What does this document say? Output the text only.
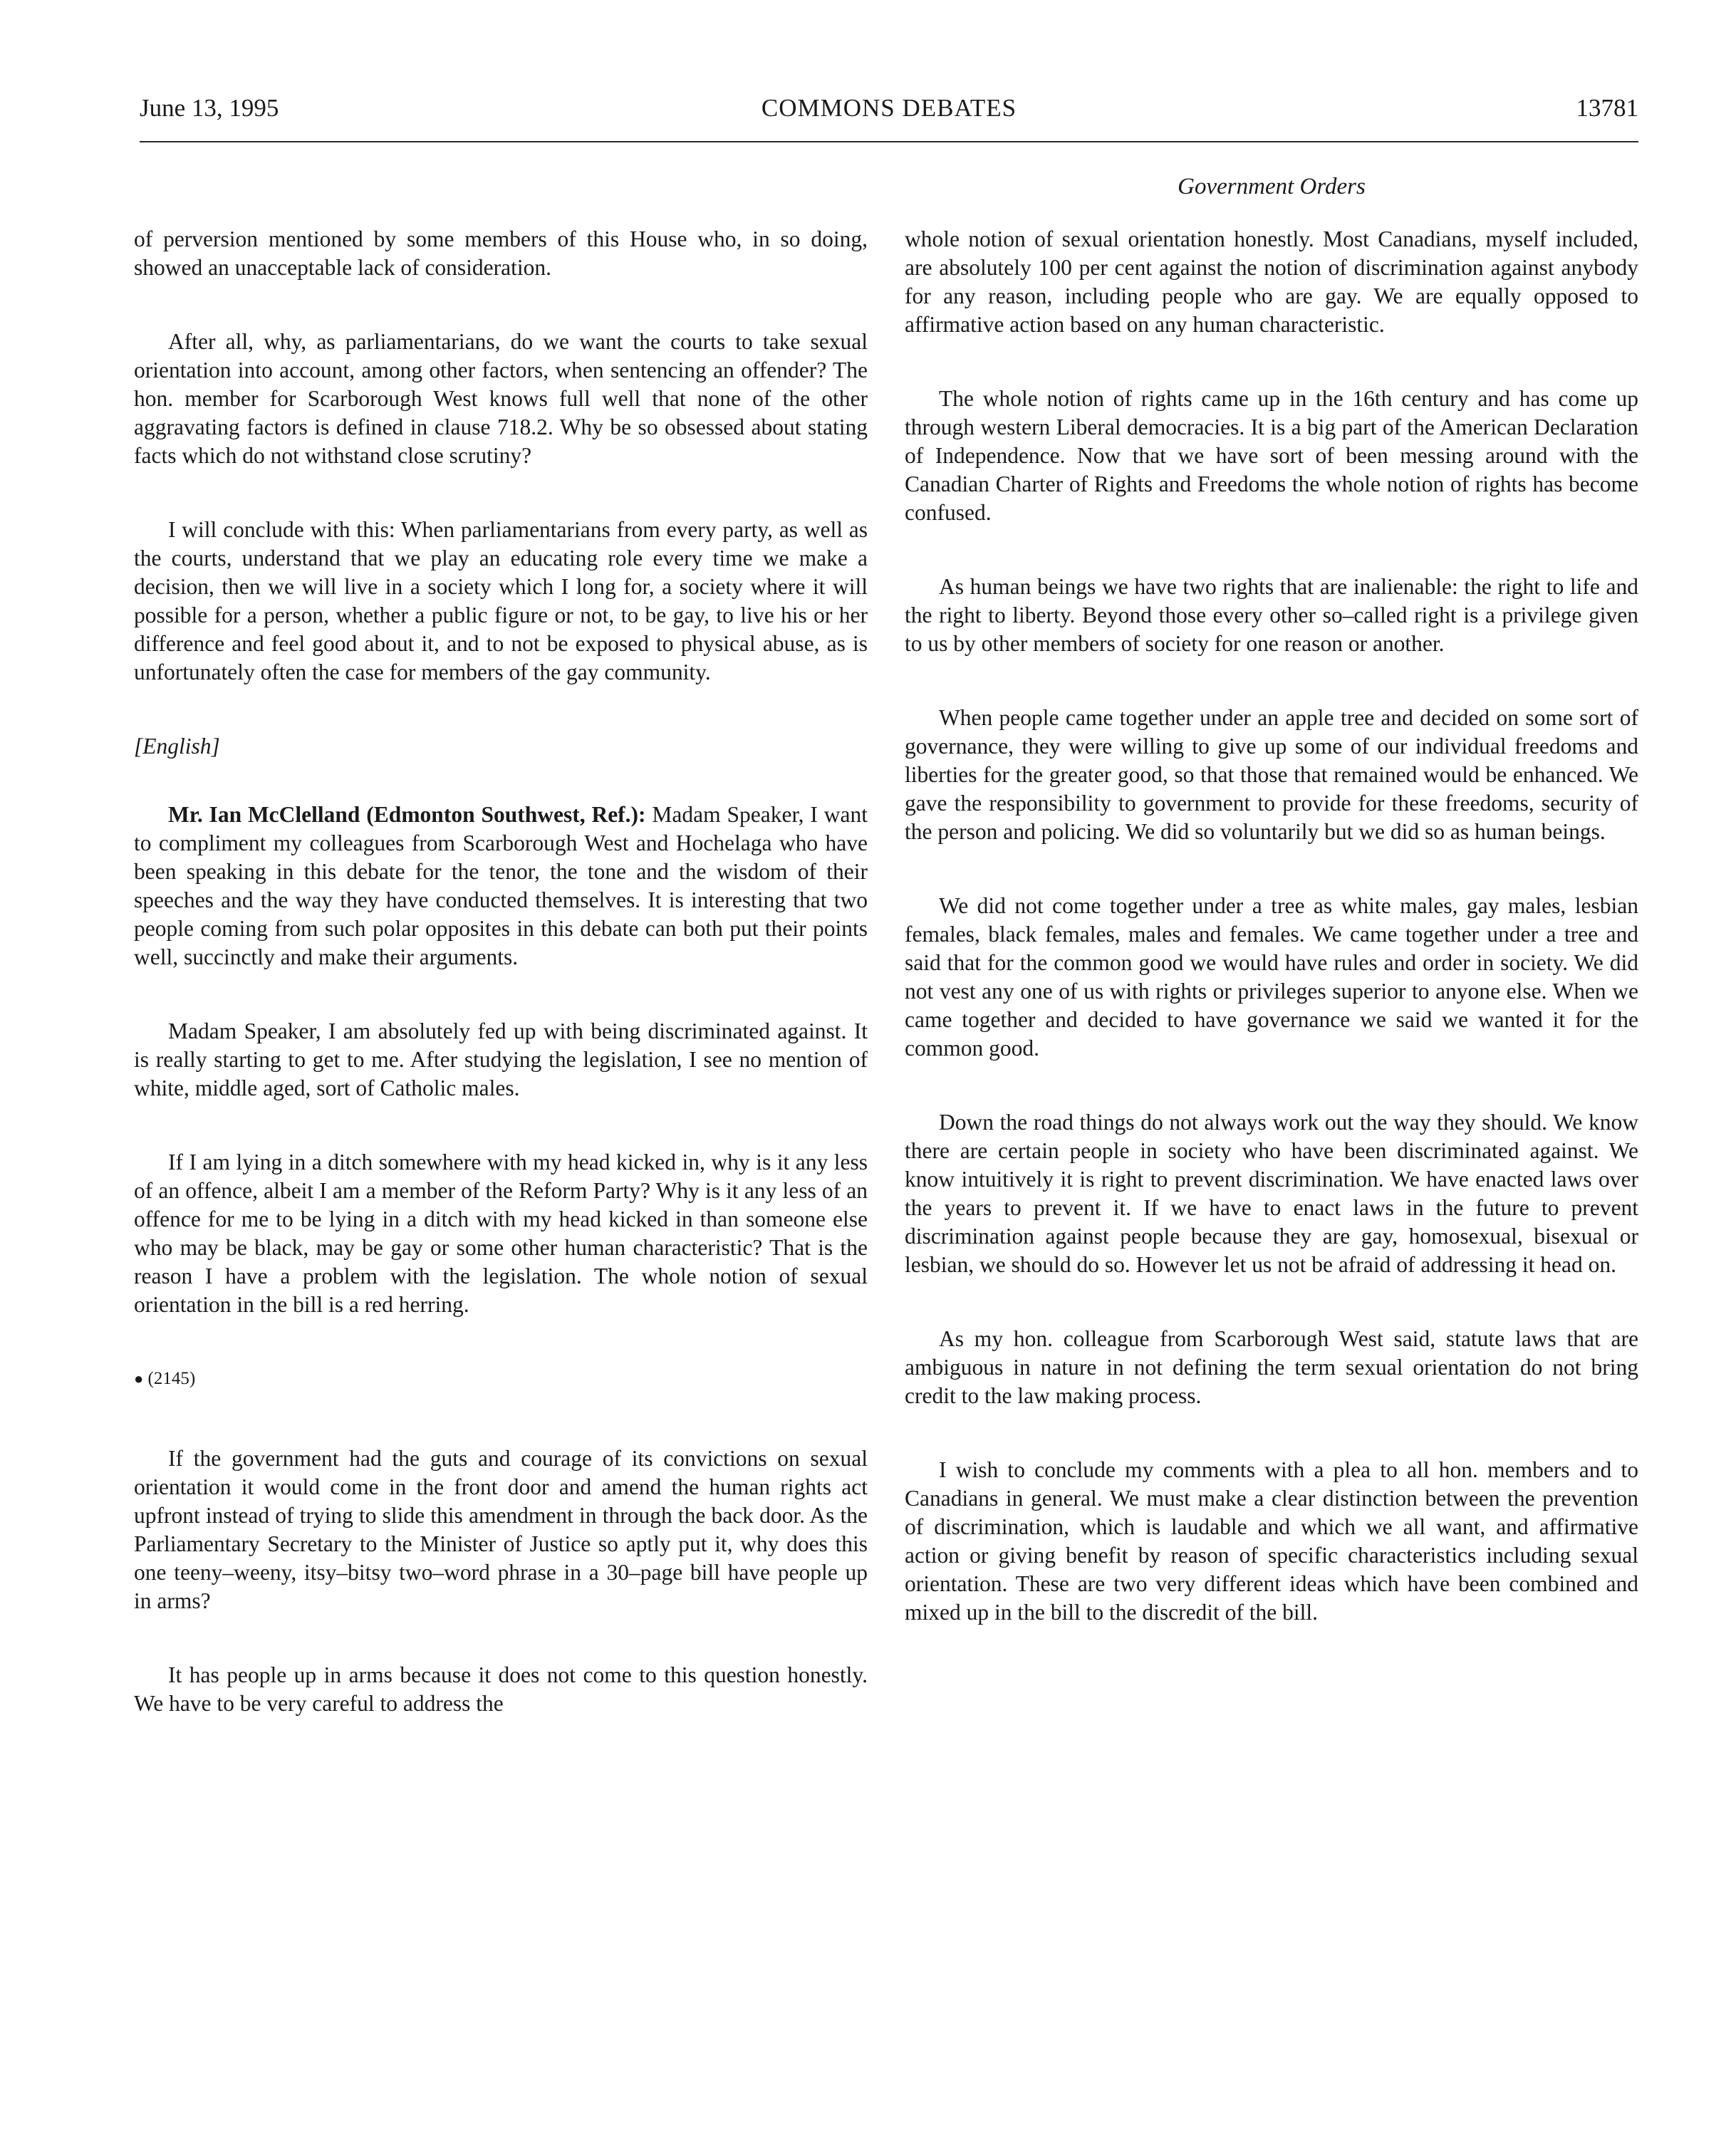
June 13, 1995	COMMONS DEBATES	13781
Government Orders

of perversion mentioned by some members of this House who, in so doing, showed an unacceptable lack of consideration.

After all, why, as parliamentarians, do we want the courts to take sexual orientation into account, among other factors, when sentencing an offender? The hon. member for Scarborough West knows full well that none of the other aggravating factors is defined in clause 718.2. Why be so obsessed about stating facts which do not withstand close scrutiny?

I will conclude with this: When parliamentarians from every party, as well as the courts, understand that we play an educating role every time we make a decision, then we will live in a society which I long for, a society where it will possible for a person, whether a public figure or not, to be gay, to live his or her difference and feel good about it, and to not be exposed to physical abuse, as is unfortunately often the case for members of the gay community.

[English]

Mr. Ian McClelland (Edmonton Southwest, Ref.): Madam Speaker, I want to compliment my colleagues from Scarborough West and Hochelaga who have been speaking in this debate for the tenor, the tone and the wisdom of their speeches and the way they have conducted themselves. It is interesting that two people coming from such polar opposites in this debate can both put their points well, succinctly and make their arguments.

Madam Speaker, I am absolutely fed up with being discriminated against. It is really starting to get to me. After studying the legislation, I see no mention of white, middle aged, sort of Catholic males.

If I am lying in a ditch somewhere with my head kicked in, why is it any less of an offence, albeit I am a member of the Reform Party? Why is it any less of an offence for me to be lying in a ditch with my head kicked in than someone else who may be black, may be gay or some other human characteristic? That is the reason I have a problem with the legislation. The whole notion of sexual orientation in the bill is a red herring.

● (2145)

If the government had the guts and courage of its convictions on sexual orientation it would come in the front door and amend the human rights act upfront instead of trying to slide this amendment in through the back door. As the Parliamentary Secretary to the Minister of Justice so aptly put it, why does this one teeny–weeny, itsy–bitsy two–word phrase in a 30–page bill have people up in arms?

It has people up in arms because it does not come to this question honestly. We have to be very careful to address the

whole notion of sexual orientation honestly. Most Canadians, myself included, are absolutely 100 per cent against the notion of discrimination against anybody for any reason, including people who are gay. We are equally opposed to affirmative action based on any human characteristic.

The whole notion of rights came up in the 16th century and has come up through western Liberal democracies. It is a big part of the American Declaration of Independence. Now that we have sort of been messing around with the Canadian Charter of Rights and Freedoms the whole notion of rights has become confused.

As human beings we have two rights that are inalienable: the right to life and the right to liberty. Beyond those every other so–called right is a privilege given to us by other members of society for one reason or another.

When people came together under an apple tree and decided on some sort of governance, they were willing to give up some of our individual freedoms and liberties for the greater good, so that those that remained would be enhanced. We gave the responsibility to government to provide for these freedoms, security of the person and policing. We did so voluntarily but we did so as human beings.

We did not come together under a tree as white males, gay males, lesbian females, black females, males and females. We came together under a tree and said that for the common good we would have rules and order in society. We did not vest any one of us with rights or privileges superior to anyone else. When we came together and decided to have governance we said we wanted it for the common good.

Down the road things do not always work out the way they should. We know there are certain people in society who have been discriminated against. We know intuitively it is right to prevent discrimination. We have enacted laws over the years to prevent it. If we have to enact laws in the future to prevent discrimination against people because they are gay, homosexual, bisexual or lesbian, we should do so. However let us not be afraid of addressing it head on.

As my hon. colleague from Scarborough West said, statute laws that are ambiguous in nature in not defining the term sexual orientation do not bring credit to the law making process.

I wish to conclude my comments with a plea to all hon. members and to Canadians in general. We must make a clear distinction between the prevention of discrimination, which is laudable and which we all want, and affirmative action or giving benefit by reason of specific characteristics including sexual orientation. These are two very different ideas which have been combined and mixed up in the bill to the discredit of the bill.
